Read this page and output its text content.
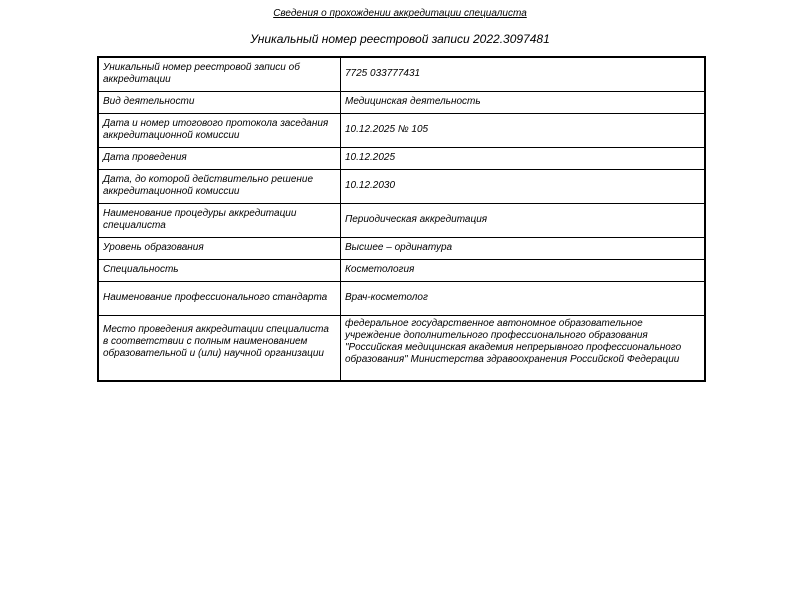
Сведения о прохождении аккредитации специалиста
Уникальный номер реестровой записи 2022.3097481
Уникальный номер реестровой записи об аккредитации	7725 033777431
Вид деятельности	Медицинская деятельность
Дата и номер итогового протокола заседания аккредитационной комиссии	10.12.2025 № 105
Дата проведения	10.12.2025
Дата, до которой действительно решение аккредитационной комиссии	10.12.2030
Наименование процедуры аккредитации специалиста	Периодическая аккредитация
Уровень образования	Высшее – ординатура
Специальность	Косметология
Наименование профессионального стандарта	Врач-косметолог
Место проведения аккредитации специалиста в соответствии с полным наименованием образовательной и (или) научной организации	федеральное государственное автономное образовательное учреждение дополнительного профессионального образования "Российская медицинская академия непрерывного профессионального образования" Министерства здравоохранения Российской Федерации
